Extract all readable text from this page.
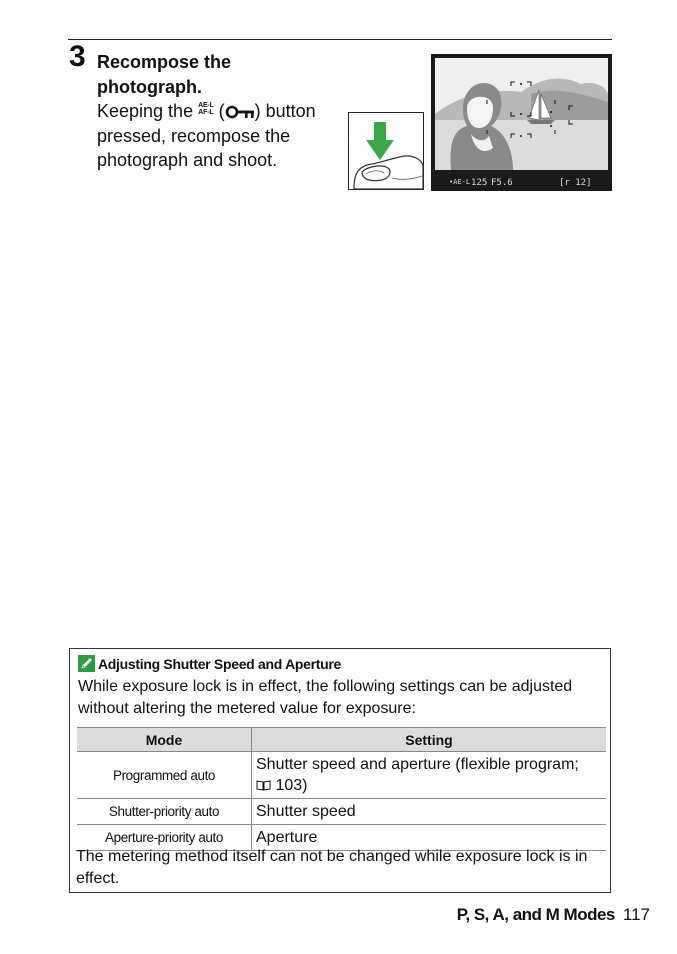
3 Recompose the photograph.
Keeping the AE-L
AF-L ( ) button pressed, recompose the photograph and shoot.
•AE-L 125 F5.6	[r 12]
Adjusting Shutter Speed and Aperture
While exposure lock is in effect, the following settings can be adjusted without altering the metered value for exposure:
Mode	Setting
Programmed auto	Shutter speed and aperture (flexible program;
103)
Shutter-priority auto	Shutter speed
Aperture-priority auto	Aperture
The metering method itself can not be changed while exposure lock is in effect.
P, S, A, and M Modes 117
